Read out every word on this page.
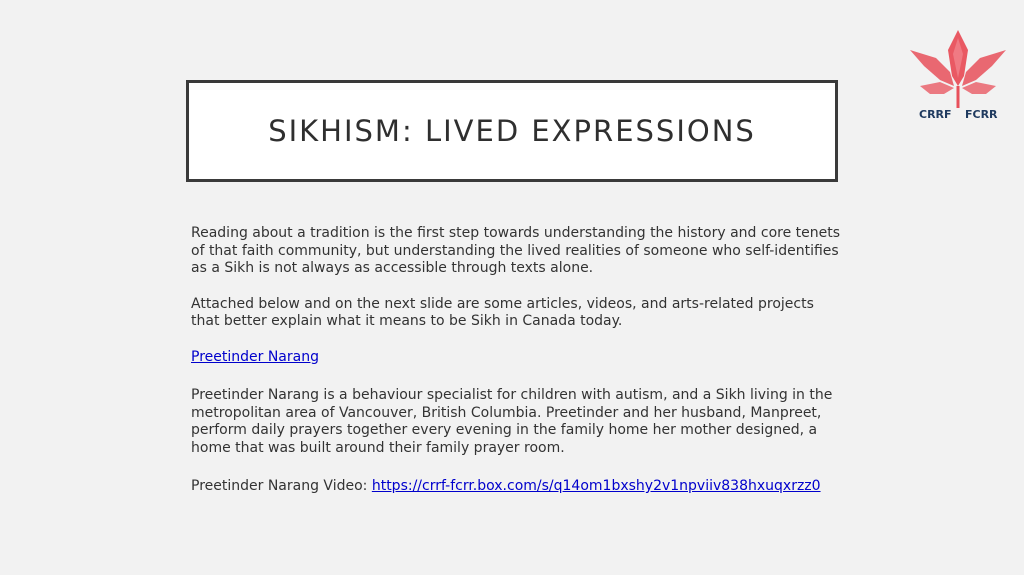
SIKHISM: LIVED EXPRESSIONS	CRRF FCRR

Reading about a tradition is the first step towards understanding the history and core tenets of that faith community, but understanding the lived realities of someone who self-identifies as a Sikh is not always as accessible through texts alone.

Attached below and on the next slide are some articles, videos, and arts-related projects that better explain what it means to be Sikh in Canada today.

Preetinder Narang

Preetinder Narang is a behaviour specialist for children with autism, and a Sikh living in the metropolitan area of Vancouver, British Columbia. Preetinder and her husband, Manpreet, perform daily prayers together every evening in the family home her mother designed, a home that was built around their family prayer room.

Preetinder Narang Video: https://crrf-fcrr.box.com/s/q14om1bxshy2v1npviiv838hxuqxrzz0
